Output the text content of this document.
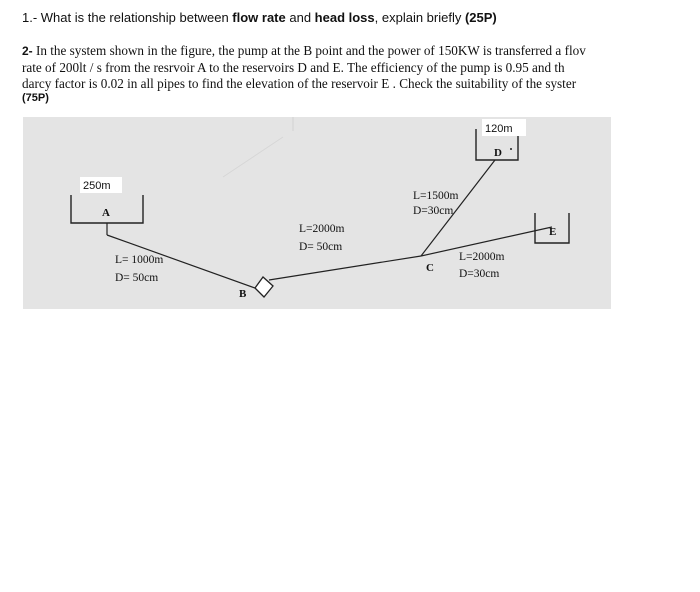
1.- What is the relationship between flow rate and head loss, explain briefly (25P)
2- In the system shown in the figure, the pump at the B point and the power of 150KW is transferred a flov
rate of 200lt / s from the resrvoir A to the reservoirs D and E. The efficiency of the pump is 0.95 and th
darcy factor is 0.02 in all pipes to find the elevation of the reservoir E . Check the suitability of the syster
(75P)
250m
A
120m
D
E
B
C
L= 1000m
D= 50cm
L=2000m
D= 50cm
L=1500m
D=30cm
L=2000m
D=30cm
